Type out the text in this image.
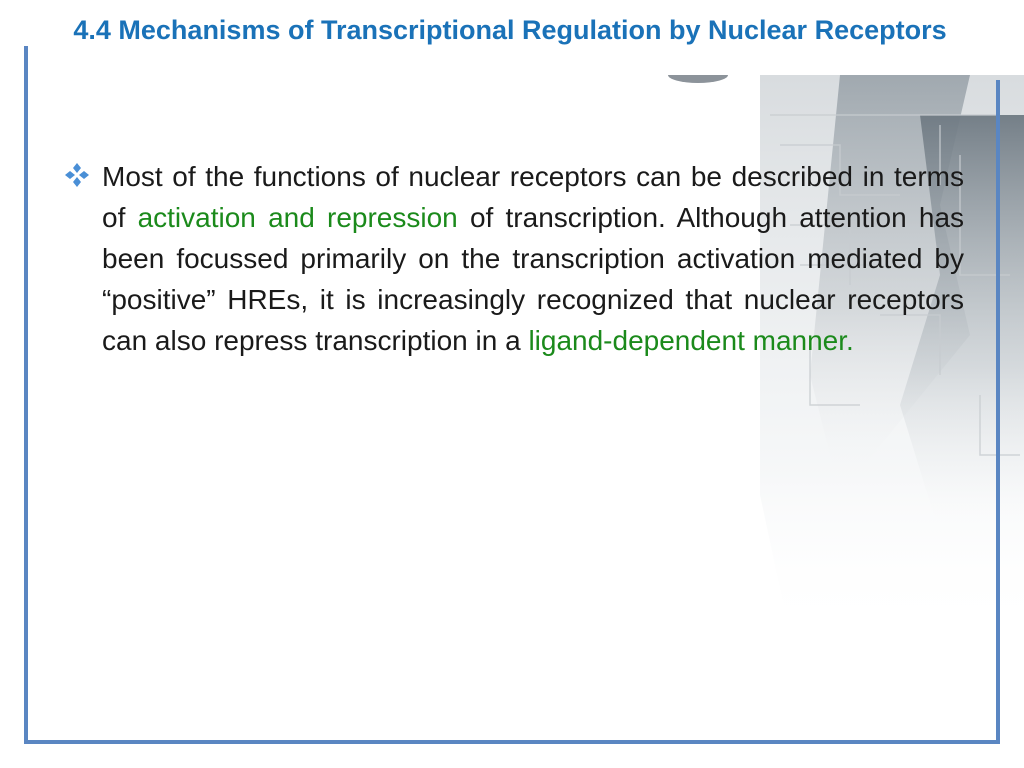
4.4 Mechanisms of Transcriptional Regulation by Nuclear Receptors

Most of the functions of nuclear receptors can be described in terms of activation and repression of transcription. Although attention has been focussed primarily on the transcription activation mediated by “positive” HREs, it is increasingly recognized that nuclear receptors can also repress transcription in a ligand-dependent manner.
